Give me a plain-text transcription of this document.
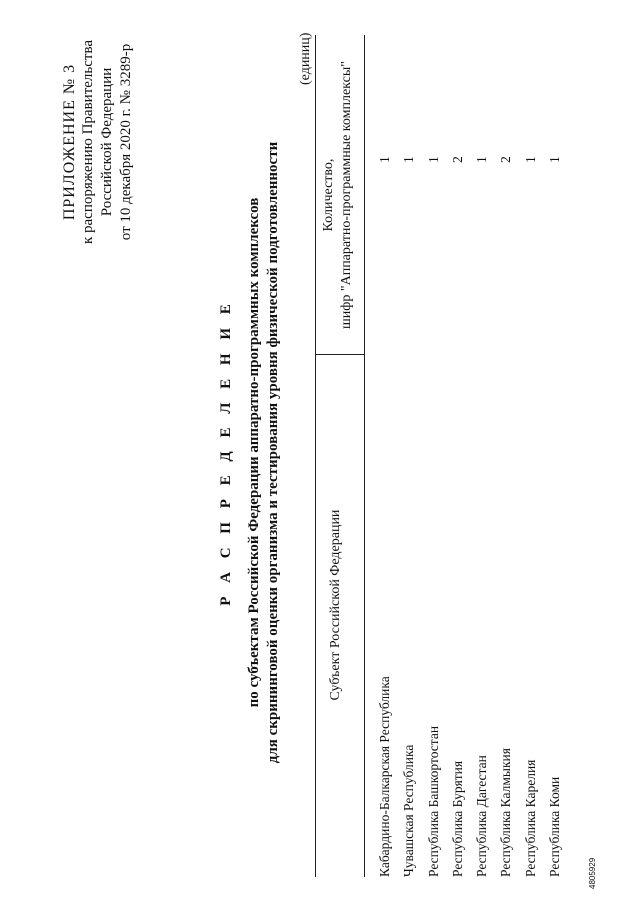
ПРИЛОЖЕНИЕ № 3 к распоряжению Правительства Российской Федерации от 10 декабря 2020 г. № 3289-р
Р А С П Р Е Д Е Л Е Н И Е по субъектам Российской Федерации аппаратно-программных комплексов для скрининговой оценки организма и тестирования уровня физической подготовленности
(единиц)
Субъект Российской Федерации
Количество, шифр "Аппаратно-программные комплексы"
Кабардино-Балкарская Республика
1
Чувашская Республика
1
Республика Башкортостан
1
Республика Бурятия
2
Республика Дагестан
1
Республика Калмыкия
2
Республика Карелия
1
Республика Коми
1
4805929
